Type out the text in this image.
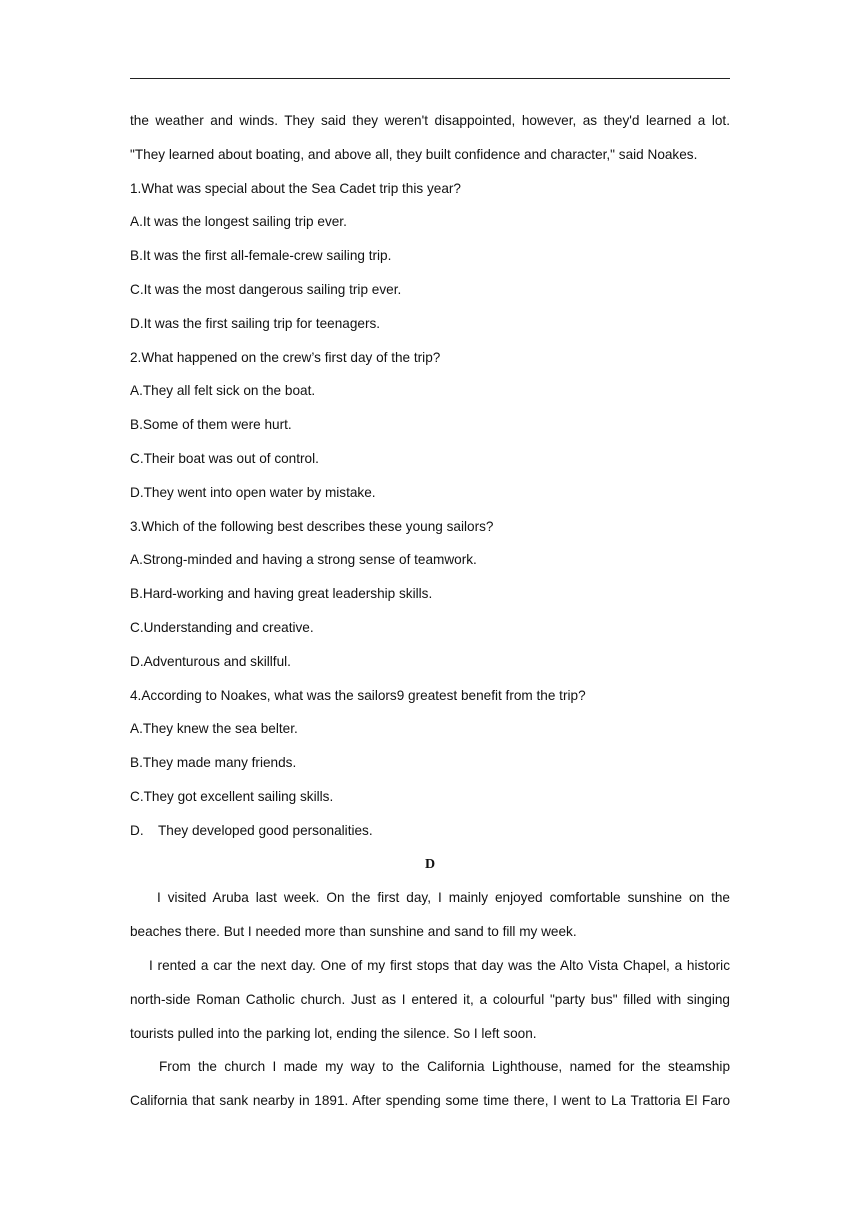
the weather and winds. They said they weren't disappointed, however, as they'd learned a lot.

"They learned about boating, and above all, they built confidence and character," said Noakes.

1.What was special about the Sea Cadet trip this year?

A.It was the longest sailing trip ever.

B.It was the first all-female-crew sailing trip.

C.It was the most dangerous sailing trip ever.

D.It was the first sailing trip for teenagers.

2.What happened on the crew’s first day of the trip?

A.They all felt sick on the boat.

B.Some of them were hurt.

C.Their boat was out of control.

D.They went into open water by mistake.

3.Which of the following best describes these young sailors?

A.Strong-minded and having a strong sense of teamwork.

B.Hard-working and having great leadership skills.

C.Understanding and creative.

D.Adventurous and skillful.

4.According to Noakes, what was the sailors9 greatest benefit from the trip?

A.They knew the sea belter.

B.They made many friends.

C.They got excellent sailing skills.

D. They developed good personalities.

D

I visited Aruba last week. On the first day, I mainly enjoyed comfortable sunshine on the

beaches there. But I needed more than sunshine and sand to fill my week.

I rented a car the next day. One of my first stops that day was the Alto Vista Chapel, a historic

north-side Roman Catholic church. Just as I entered it, a colourful "party bus" filled with singing

tourists pulled into the parking lot, ending the silence. So I left soon.

From the church I made my way to the California Lighthouse, named for the steamship

California that sank nearby in 1891. After spending some time there, I went to La Trattoria El Faro
